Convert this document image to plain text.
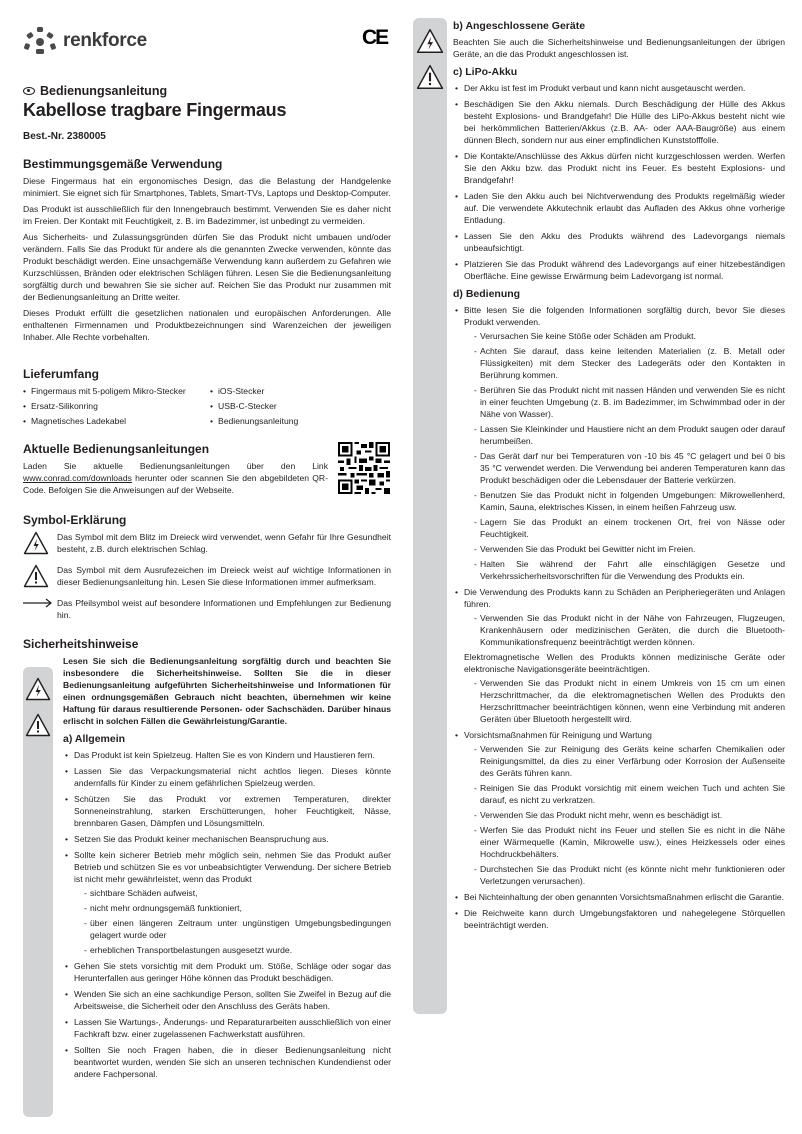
renkforce	CE
Bedienungsanleitung
Kabellose tragbare Fingermaus
Best.-Nr. 2380005
Bestimmungsgemäße Verwendung

Diese Fingermaus hat ein ergonomisches Design, das die Belastung der Handgelenke minimiert. Sie eignet sich für Smartphones, Tablets, Smart-TVs, Laptops und Desktop-Computer.

Das Produkt ist ausschließlich für den Innengebrauch bestimmt. Verwenden Sie es daher nicht im Freien. Der Kontakt mit Feuchtigkeit, z. B. im Badezimmer, ist unbedingt zu vermeiden.

Aus Sicherheits- und Zulassungsgründen dürfen Sie das Produkt nicht umbauen und/oder verändern. Falls Sie das Produkt für andere als die genannten Zwecke verwenden, könnte das Produkt beschädigt werden. Eine unsachgemäße Verwendung kann außerdem zu Gefahren wie Kurzschlüssen, Bränden oder elektrischen Schlägen führen. Lesen Sie die Bedienungsanleitung sorgfältig durch und bewahren Sie sie sicher auf. Reichen Sie das Produkt nur zusammen mit der Bedienungsanleitung an Dritte weiter.

Dieses Produkt erfüllt die gesetzlichen nationalen und europäischen Anforderungen. Alle enthaltenen Firmennamen und Produktbezeichnungen sind Warenzeichen der jeweiligen Inhaber. Alle Rechte vorbehalten.

Lieferumfang
• Fingermaus mit 5-poligem Mikro-Stecker	• iOS-Stecker
• Ersatz-Silikonring	• USB-C-Stecker
• Magnetisches Ladekabel	• Bedienungsanleitung
Aktuelle Bedienungsanleitungen

Laden Sie aktuelle Bedienungsanleitungen über den Link www.conrad.com/downloads herunter oder scannen Sie den abgebildeten QR-Code. Befolgen Sie die Anweisungen auf der Webseite.

Symbol-Erklärung
Das Symbol mit dem Blitz im Dreieck wird verwendet, wenn Gefahr für Ihre Gesundheit besteht, z.B. durch elektrischen Schlag.
Das Symbol mit dem Ausrufezeichen im Dreieck weist auf wichtige Informationen in dieser Bedienungsanleitung hin. Lesen Sie diese Informationen immer aufmerksam.
Das Pfeilsymbol weist auf besondere Informationen und Empfehlungen zur Bedienung hin.
Sicherheitshinweise

Lesen Sie sich die Bedienungsanleitung sorgfältig durch und beachten Sie insbesondere die Sicherheitshinweise. Sollten Sie die in dieser Bedienungsanleitung aufgeführten Sicherheitshinweise und Informationen für einen ordnungsgemäßen Gebrauch nicht beachten, übernehmen wir keine Haftung für daraus resultierende Personen- oder Sachschäden. Darüber hinaus erlischt in solchen Fällen die Gewährleistung/Garantie.

a) Allgemein
• Das Produkt ist kein Spielzeug. Halten Sie es von Kindern und Haustieren fern.
• Lassen Sie das Verpackungsmaterial nicht achtlos liegen. Dieses könnte andernfalls für Kinder zu einem gefährlichen Spielzeug werden.
• Schützen Sie das Produkt vor extremen Temperaturen, direkter Sonneneinstrahlung, starken Erschütterungen, hoher Feuchtigkeit, Nässe, brennbaren Gasen, Dämpfen und Lösungsmitteln.
• Setzen Sie das Produkt keiner mechanischen Beanspruchung aus.
• Sollte kein sicherer Betrieb mehr möglich sein, nehmen Sie das Produkt außer Betrieb und schützen Sie es vor unbeabsichtigter Verwendung. Der sichere Betrieb ist nicht mehr gewährleistet, wenn das Produkt
- sichtbare Schäden aufweist,
- nicht mehr ordnungsgemäß funktioniert,
- über einen längeren Zeitraum unter ungünstigen Umgebungsbedingungen gelagert wurde oder
- erheblichen Transportbelastungen ausgesetzt wurde.
• Gehen Sie stets vorsichtig mit dem Produkt um. Stöße, Schläge oder sogar das Herunterfallen aus geringer Höhe können das Produkt beschädigen.
• Wenden Sie sich an eine sachkundige Person, sollten Sie Zweifel in Bezug auf die Arbeitsweise, die Sicherheit oder den Anschluss des Geräts haben.
• Lassen Sie Wartungs-, Änderungs- und Reparaturarbeiten ausschließlich von einer Fachkraft bzw. einer zugelassenen Fachwerkstatt ausführen.
• Sollten Sie noch Fragen haben, die in dieser Bedienungsanleitung nicht beantwortet wurden, wenden Sie sich an unseren technischen Kundendienst oder andere Fachpersonal.
b) Angeschlossene Geräte

Beachten Sie auch die Sicherheitshinweise und Bedienungsanleitungen der übrigen Geräte, an die das Produkt angeschlossen ist.

c) LiPo-Akku
• Der Akku ist fest im Produkt verbaut und kann nicht ausgetauscht werden.
• Beschädigen Sie den Akku niemals. Durch Beschädigung der Hülle des Akkus besteht Explosions- und Brandgefahr! Die Hülle des LiPo-Akkus besteht nicht wie bei herkömmlichen Batterien/Akkus (z.B. AA- oder AAA-Baugröße) aus einem dünnen Blech, sondern nur aus einer empfindlichen Kunststofffolie.
• Die Kontakte/Anschlüsse des Akkus dürfen nicht kurzgeschlossen werden. Werfen Sie den Akku bzw. das Produkt nicht ins Feuer. Es besteht Explosions- und Brandgefahr!
• Laden Sie den Akku auch bei Nichtverwendung des Produkts regelmäßig wieder auf. Die verwendete Akkutechnik erlaubt das Aufladen des Akkus ohne vorherige Entladung.
• Lassen Sie den Akku des Produkts während des Ladevorgangs niemals unbeaufsichtigt.
• Platzieren Sie das Produkt während des Ladevorgangs auf einer hitzebeständigen Oberfläche. Eine gewisse Erwärmung beim Ladevorgang ist normal.
d) Bedienung
• Bitte lesen Sie die folgenden Informationen sorgfältig durch, bevor Sie dieses Produkt verwenden.
- Verursachen Sie keine Stöße oder Schäden am Produkt.
- Achten Sie darauf, dass keine leitenden Materialien (z. B. Metall oder Flüssigkeiten) mit dem Stecker des Ladegeräts oder den Kontakten in Berührung kommen.
- Berühren Sie das Produkt nicht mit nassen Händen und verwenden Sie es nicht in einer feuchten Umgebung (z. B. im Badezimmer, im Schwimmbad oder in der Nähe von Wasser).
- Lassen Sie Kleinkinder und Haustiere nicht an dem Produkt saugen oder darauf herumbeißen.
- Das Gerät darf nur bei Temperaturen von -10 bis 45 °C gelagert und bei 0 bis 35 °C verwendet werden. Die Verwendung bei anderen Temperaturen kann das Produkt beschädigen oder die Lebensdauer der Batterie verkürzen.
- Benutzen Sie das Produkt nicht in folgenden Umgebungen: Mikrowellenherd, Kamin, Sauna, elektrisches Kissen, in einem heißen Fahrzeug usw.
- Lagern Sie das Produkt an einem trockenen Ort, frei von Nässe oder Feuchtigkeit.
- Verwenden Sie das Produkt bei Gewitter nicht im Freien.
- Halten Sie während der Fahrt alle einschlägigen Gesetze und Verkehrssicherheitsvorschriften für die Verwendung des Produkts ein.
• Die Verwendung des Produkts kann zu Schäden an Peripheriegeräten und Anlagen führen.
- Verwenden Sie das Produkt nicht in der Nähe von Fahrzeugen, Flugzeugen, Krankenhäusern oder medizinischen Geräten, die durch die Bluetooth-Kommunikationsfrequenz beeinträchtigt werden können.
Elektromagnetische Wellen des Produkts können medizinische Geräte oder elektronische Navigationsgeräte beeinträchtigen.
- Verwenden Sie das Produkt nicht in einem Umkreis von 15 cm um einen Herzschrittmacher, da die elektromagnetischen Wellen des Produkts den Herzschrittmacher beeinträchtigen können, wenn eine Verbindung mit anderen Geräten über Bluetooth hergestellt wird.
• Vorsichtsmaßnahmen für Reinigung und Wartung
- Verwenden Sie zur Reinigung des Geräts keine scharfen Chemikalien oder Reinigungsmittel, da dies zu einer Verfärbung oder Korrosion der Außenseite des Geräts führen kann.
- Reinigen Sie das Produkt vorsichtig mit einem weichen Tuch und achten Sie darauf, es nicht zu verkratzen.
- Verwenden Sie das Produkt nicht mehr, wenn es beschädigt ist.
- Werfen Sie das Produkt nicht ins Feuer und stellen Sie es nicht in die Nähe einer Wärmequelle (Kamin, Mikrowelle usw.), eines Heizkessels oder eines Hochdruckbehälters.
- Durchstechen Sie das Produkt nicht (es könnte nicht mehr funktionieren oder Verletzungen verursachen).
• Bei Nichteinhaltung der oben genannten Vorsichtsmaßnahmen erlischt die Garantie.
• Die Reichweite kann durch Umgebungsfaktoren und nahegelegene Störquellen beeinträchtigt werden.
